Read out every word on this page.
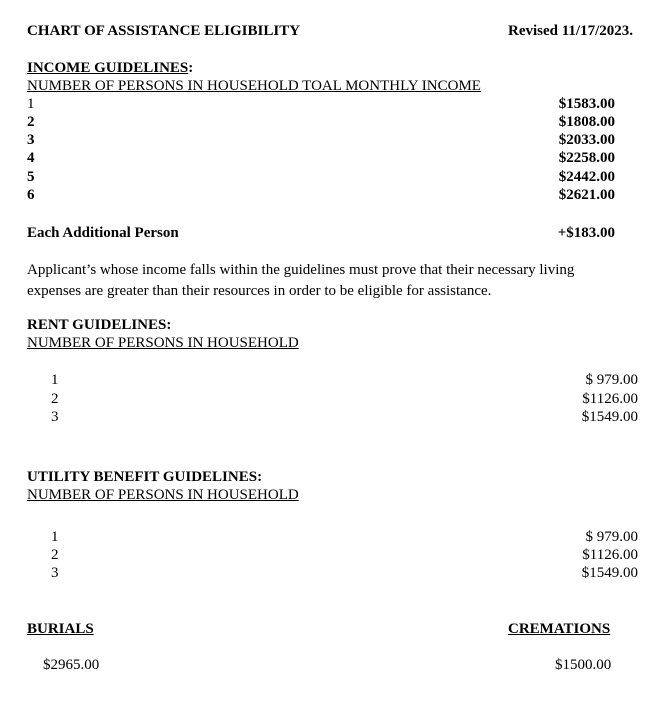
CHART OF ASSISTANCE ELIGIBILITY	Revised 11/17/2023.
INCOME GUIDELINES:
NUMBER OF PERSONS IN HOUSEHOLD TOAL MONTHLY INCOME
1	$1583.00
2	$1808.00
3	$2033.00
4	$2258.00
5	$2442.00
6	$2621.00
Each Additional Person	+$183.00
Applicant’s whose income falls within the guidelines must prove that their necessary living expenses are greater than their resources in order to be eligible for assistance.
RENT GUIDELINES:
NUMBER OF PERSONS IN HOUSEHOLD
1	$ 979.00
2	$1126.00
3	$1549.00
UTILITY BENEFIT GUIDELINES:
NUMBER OF PERSONS IN HOUSEHOLD
1	$ 979.00
2	$1126.00
3	$1549.00
BURIALS	CREMATIONS
$2965.00	$1500.00
